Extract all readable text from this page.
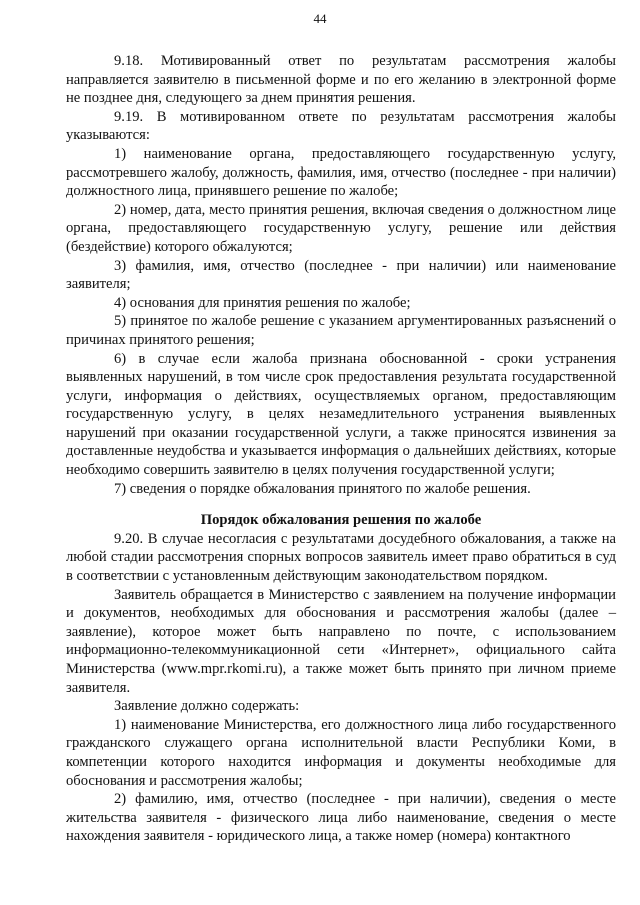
44

9.18. Мотивированный ответ по результатам рассмотрения жалобы направляется заявителю в письменной форме и по его желанию в электронной форме не позднее дня, следующего за днем принятия решения.

9.19. В мотивированном ответе по результатам рассмотрения жалобы указываются:

1) наименование органа, предоставляющего государственную услугу, рассмотревшего жалобу, должность, фамилия, имя, отчество (последнее - при наличии) должностного лица, принявшего решение по жалобе;

2) номер, дата, место принятия решения, включая сведения о должностном лице органа, предоставляющего государственную услугу, решение или действия (бездействие) которого обжалуются;

3) фамилия, имя, отчество (последнее - при наличии) или наименование заявителя;

4) основания для принятия решения по жалобе;

5) принятое по жалобе решение с указанием аргументированных разъяснений о причинах принятого решения;

6) в случае если жалоба признана обоснованной - сроки устранения выявленных нарушений, в том числе срок предоставления результата государственной услуги, информация о действиях, осуществляемых органом, предоставляющим государственную услугу, в целях незамедлительного устранения выявленных нарушений при оказании государственной услуги, а также приносятся извинения за доставленные неудобства и указывается информация о дальнейших действиях, которые необходимо совершить заявителю в целях получения государственной услуги;

7) сведения о порядке обжалования принятого по жалобе решения.

Порядок обжалования решения по жалобе

9.20. В случае несогласия с результатами досудебного обжалования, а также на любой стадии рассмотрения спорных вопросов заявитель имеет право обратиться в суд в соответствии с установленным действующим законодательством порядком.

Заявитель обращается в Министерство с заявлением на получение информации и документов, необходимых для обоснования и рассмотрения жалобы (далее – заявление), которое может быть направлено по почте, с использованием информационно-телекоммуникационной сети «Интернет», официального сайта Министерства (www.mpr.rkomi.ru), а также может быть принято при личном приеме заявителя.

Заявление должно содержать:

1) наименование Министерства, его должностного лица либо государственного гражданского служащего органа исполнительной власти Республики Коми, в компетенции которого находится информация и документы необходимые для обоснования и рассмотрения жалобы;

2) фамилию, имя, отчество (последнее - при наличии), сведения о месте жительства заявителя - физического лица либо наименование, сведения о месте нахождения заявителя - юридического лица, а также номер (номера) контактного
